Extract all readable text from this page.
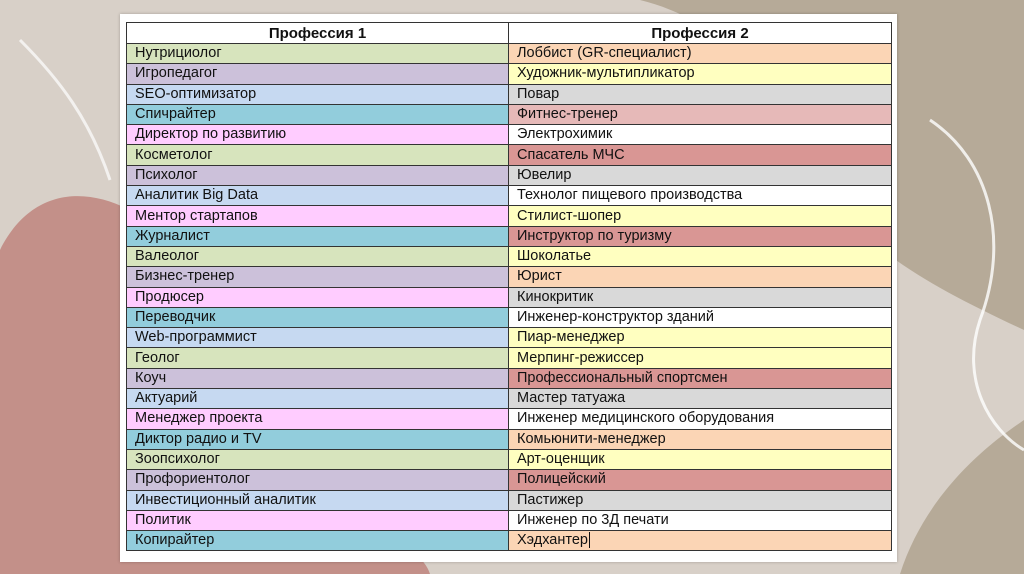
Профессия 1	Профессия 2
Нутрициолог	Лоббист (GR-специалист)
Игропедагог	Художник-мультипликатор
SEO-оптимизатор	Повар
Спичрайтер	Фитнес-тренер
Директор по развитию	Электрохимик
Косметолог	Спасатель МЧС
Психолог	Ювелир
Аналитик Big Data	Технолог пищевого производства
Ментор стартапов	Стилист-шопер
Журналист	Инструктор по туризму
Валеолог	Шоколатье
Бизнес-тренер	Юрист
Продюсер	Кинокритик
Переводчик	Инженер-конструктор зданий
Web-программист	Пиар-менеджер
Геолог	Мерпинг-режиссер
Коуч	Профессиональный спортсмен
Актуарий	Мастер татуажа
Менеджер проекта	Инженер медицинского оборудования
Диктор радио и TV	Комьюнити-менеджер
Зоопсихолог	Арт-оценщик
Профориентолог	Полицейский
Инвестиционный аналитик	Пастижер
Политик	Инженер по 3Д печати
Копирайтер	Хэдхантер
